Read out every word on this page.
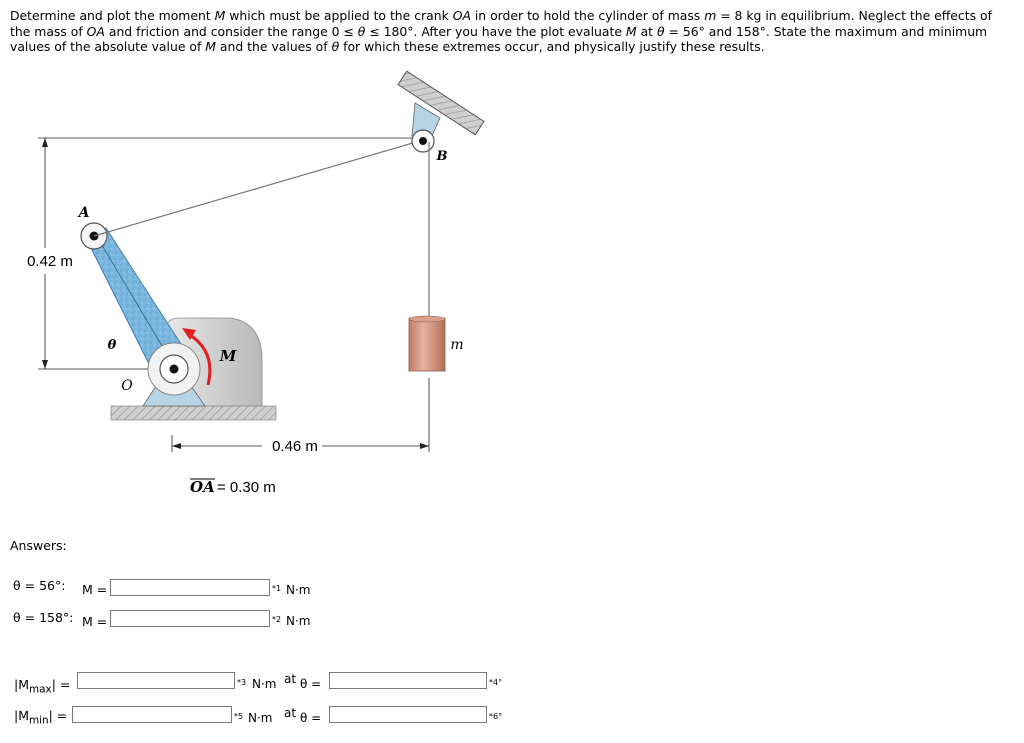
Determine and plot the moment M which must be applied to the crank OA in order to hold the cylinder of mass m = 8 kg in equilibrium. Neglect the effects of the mass of OA and friction and consider the range 0 ≤ θ ≤ 180°. After you have the plot evaluate M at θ = 56° and 158°. State the maximum and minimum values of the absolute value of M and the values of θ for which these extremes occur, and physically justify these results.
0.42 m
0.46 m
A
B
O
θ
M
m
OA = 0.30 m
Answers:
θ = 56°: M =	*1 N·m
θ = 158°: M =	*2 N·m
$|M_{max}|$ =	*3 N·m at θ =	*4°
$|M_{min}|$ =	*5 N·m at θ =	*6°
